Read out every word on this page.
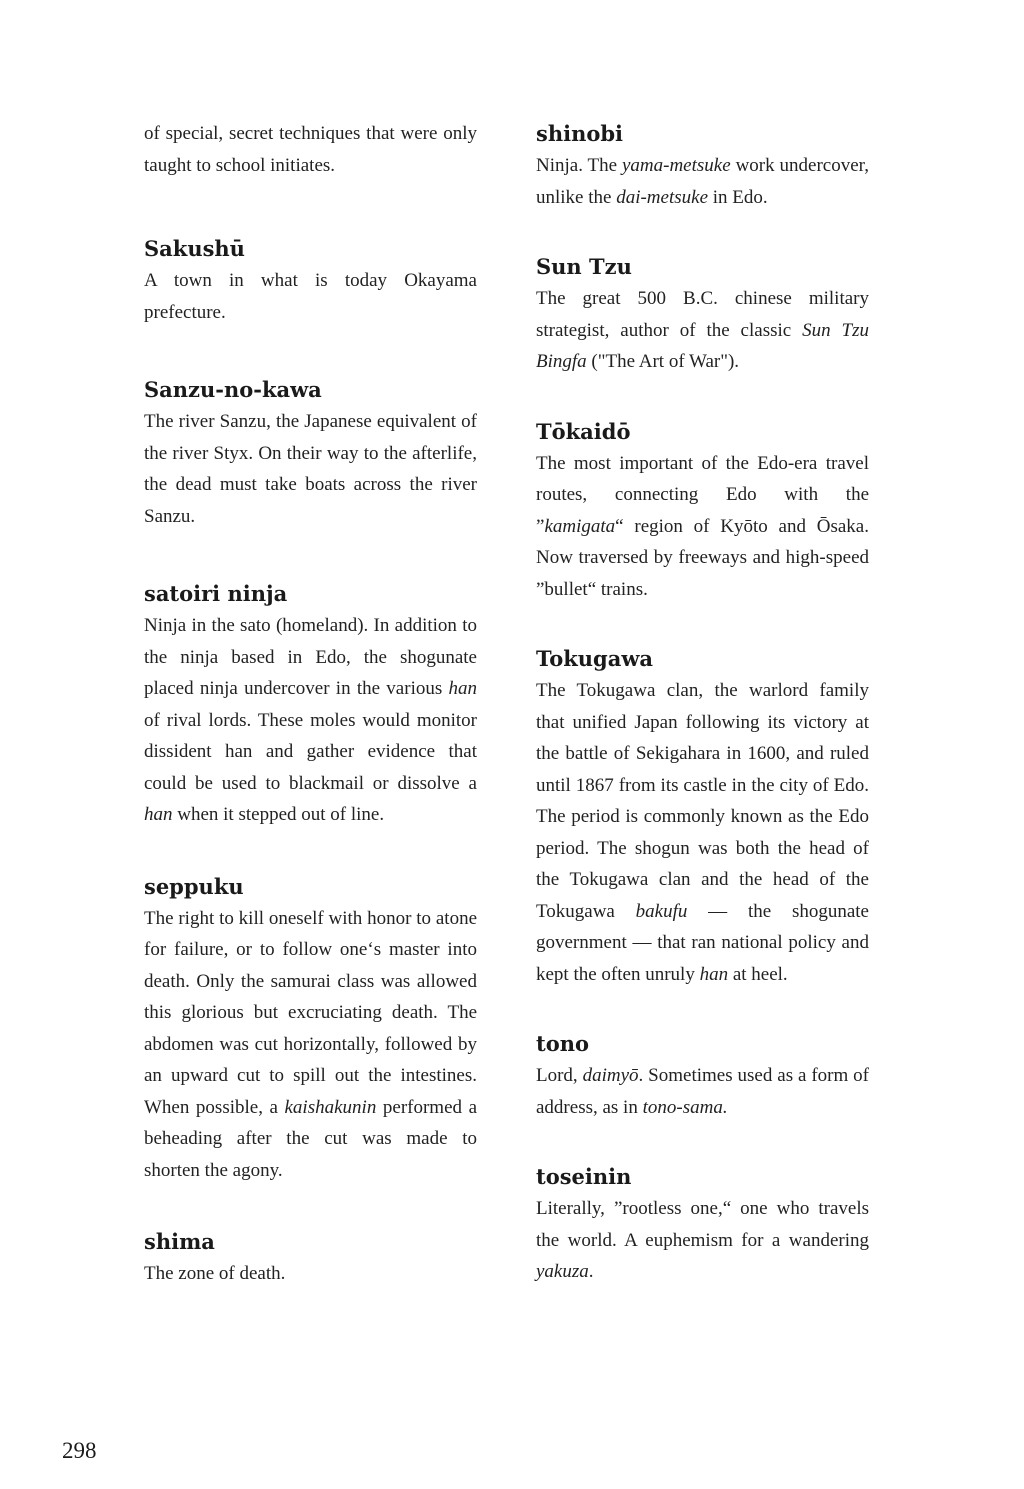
of special, secret techniques that were only taught to school initiates.

Sakushū

A town in what is today Okayama prefecture.

Sanzu-no-kawa

The river Sanzu, the Japanese equivalent of the river Styx. On their way to the afterlife, the dead must take boats across the river Sanzu.

satoiri ninja

Ninja in the sato (homeland). In addition to the ninja based in Edo, the shogunate placed ninja undercover in the various han of rival lords. These moles would monitor dissident han and gather evidence that could be used to blackmail or dissolve a han when it stepped out of line.

seppuku

The right to kill oneself with honor to atone for failure, or to follow one‘s master into death. Only the samurai class was allowed this glorious but excruciating death. The abdomen was cut horizontally, followed by an upward cut to spill out the intestines. When possible, a kaishakunin performed a beheading after the cut was made to shorten the agony.

shima

The zone of death.

shinobi

Ninja. The yama-metsuke work undercover, unlike the dai-metsuke in Edo.

Sun Tzu

The great 500 B.C. chinese military strategist, author of the classic Sun Tzu Bingfa ("The Art of War").

Tōkaidō

The most important of the Edo-era travel routes, connecting Edo with the ”kamigata“ region of Kyōto and Ōsaka. Now traversed by freeways and high-speed ”bullet“ trains.

Tokugawa

The Tokugawa clan, the warlord family that unified Japan following its victory at the battle of Sekigahara in 1600, and ruled until 1867 from its castle in the city of Edo. The period is commonly known as the Edo period. The shogun was both the head of the Tokugawa clan and the head of the Tokugawa bakufu — the shogunate government — that ran national policy and kept the often unruly han at heel.

tono

Lord, daimyō. Sometimes used as a form of address, as in tono-sama.

toseinin

Literally, ”rootless one,“ one who travels the world. A euphemism for a wandering yakuza.

298
